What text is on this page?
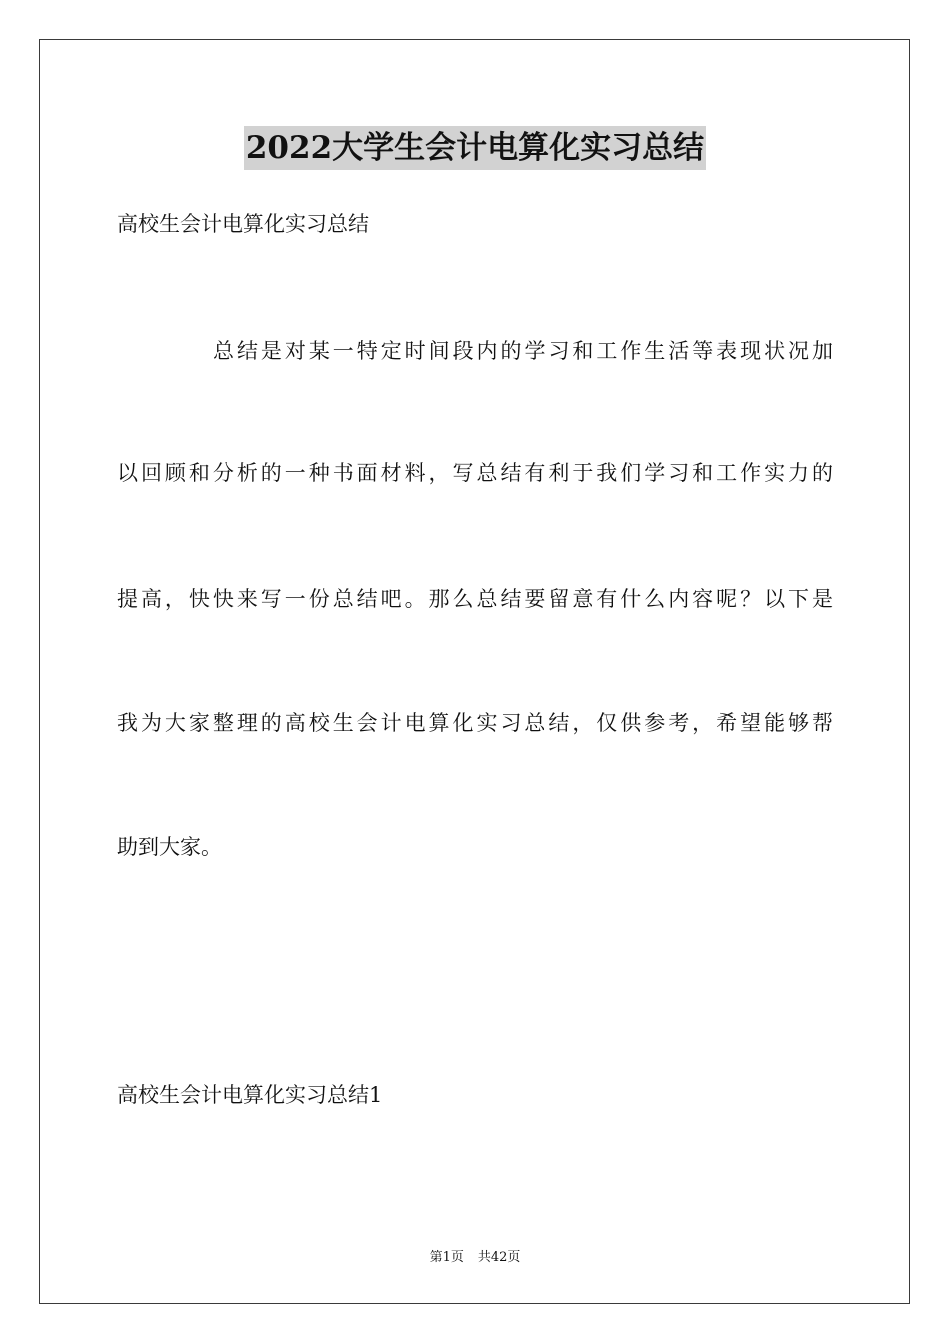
2022大学生会计电算化实习总结
高校生会计电算化实习总结
总结是对某一特定时间段内的学习和工作生活等表现状况加
以回顾和分析的一种书面材料，写总结有利于我们学习和工作实力的
提高，快快来写一份总结吧。那么总结要留意有什么内容呢？以下是
我为大家整理的高校生会计电算化实习总结，仅供参考，希望能够帮
助到大家。
高校生会计电算化实习总结1
第1页 共42页
